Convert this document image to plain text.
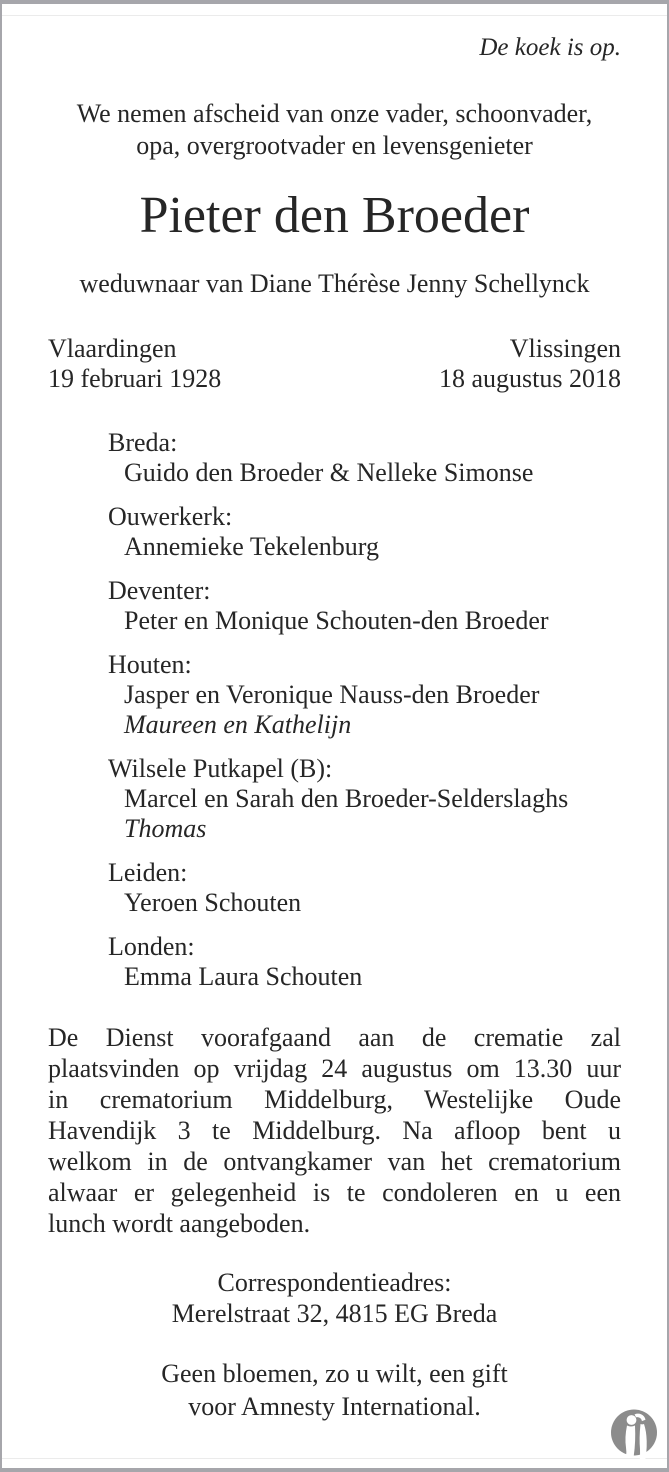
De koek is op.
We nemen afscheid van onze vader, schoonvader,
opa, overgrootvader en levensgenieter
Pieter den Broeder
weduwnaar van Diane Thérèse Jenny Schellynck
Vlaardingen
19 februari 1928
Vlissingen
18 augustus 2018
Breda:
Guido den Broeder & Nelleke Simonse
Ouwerkerk:
Annemieke Tekelenburg
Deventer:
Peter en Monique Schouten-den Broeder
Houten:
Jasper en Veronique Nauss-den Broeder
Maureen en Kathelijn
Wilsele Putkapel (B):
Marcel en Sarah den Broeder-Selderslaghs
Thomas
Leiden:
Yeroen Schouten
Londen:
Emma Laura Schouten
De Dienst voorafgaand aan de crematie zal
plaatsvinden op vrijdag 24 augustus om 13.30 uur
in crematorium Middelburg, Westelijke Oude
Havendijk 3 te Middelburg. Na afloop bent u
welkom in de ontvangkamer van het crematorium
alwaar er gelegenheid is te condoleren en u een
lunch wordt aangeboden.
Correspondentieadres:
Merelstraat 32, 4815 EG Breda
Geen bloemen, zo u wilt, een gift
voor Amnesty International.
